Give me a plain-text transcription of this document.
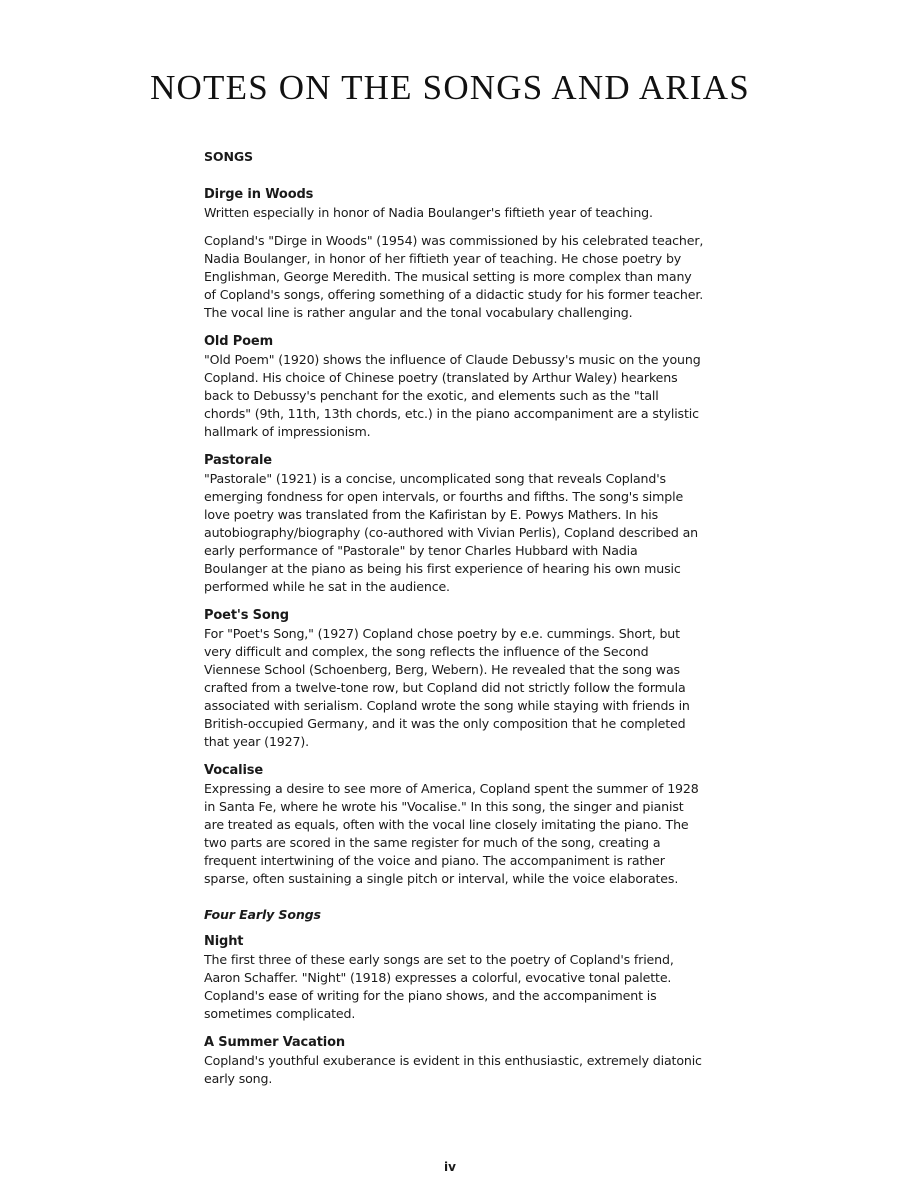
NOTES ON THE SONGS AND ARIAS
SONGS
Dirge in Woods

Written especially in honor of Nadia Boulanger's fiftieth year of teaching.

Copland's "Dirge in Woods" (1954) was commissioned by his celebrated teacher, Nadia Boulanger, in honor of her fiftieth year of teaching. He chose poetry by Englishman, George Meredith. The musical setting is more complex than many of Copland's songs, offering something of a didactic study for his former teacher. The vocal line is rather angular and the tonal vocabulary challenging.

Old Poem

"Old Poem" (1920) shows the influence of Claude Debussy's music on the young Copland. His choice of Chinese poetry (translated by Arthur Waley) hearkens back to Debussy's penchant for the exotic, and elements such as the "tall chords" (9th, 11th, 13th chords, etc.) in the piano accompaniment are a stylistic hallmark of impressionism.

Pastorale

"Pastorale" (1921) is a concise, uncomplicated song that reveals Copland's emerging fondness for open intervals, or fourths and fifths. The song's simple love poetry was translated from the Kafiristan by E. Powys Mathers. In his autobiography/biography (co-authored with Vivian Perlis), Copland described an early performance of "Pastorale" by tenor Charles Hubbard with Nadia Boulanger at the piano as being his first experience of hearing his own music performed while he sat in the audience.

Poet's Song

For "Poet's Song," (1927) Copland chose poetry by e.e. cummings. Short, but very difficult and complex, the song reflects the influence of the Second Viennese School (Schoenberg, Berg, Webern). He revealed that the song was crafted from a twelve-tone row, but Copland did not strictly follow the formula associated with serialism. Copland wrote the song while staying with friends in British-occupied Germany, and it was the only composition that he completed that year (1927).

Vocalise

Expressing a desire to see more of America, Copland spent the summer of 1928 in Santa Fe, where he wrote his "Vocalise." In this song, the singer and pianist are treated as equals, often with the vocal line closely imitating the piano. The two parts are scored in the same register for much of the song, creating a frequent intertwining of the voice and piano. The accompaniment is rather sparse, often sustaining a single pitch or interval, while the voice elaborates.

Four Early Songs
Night

The first three of these early songs are set to the poetry of Copland's friend, Aaron Schaffer. "Night" (1918) expresses a colorful, evocative tonal palette. Copland's ease of writing for the piano shows, and the accompaniment is sometimes complicated.

A Summer Vacation

Copland's youthful exuberance is evident in this enthusiastic, extremely diatonic early song.

iv
